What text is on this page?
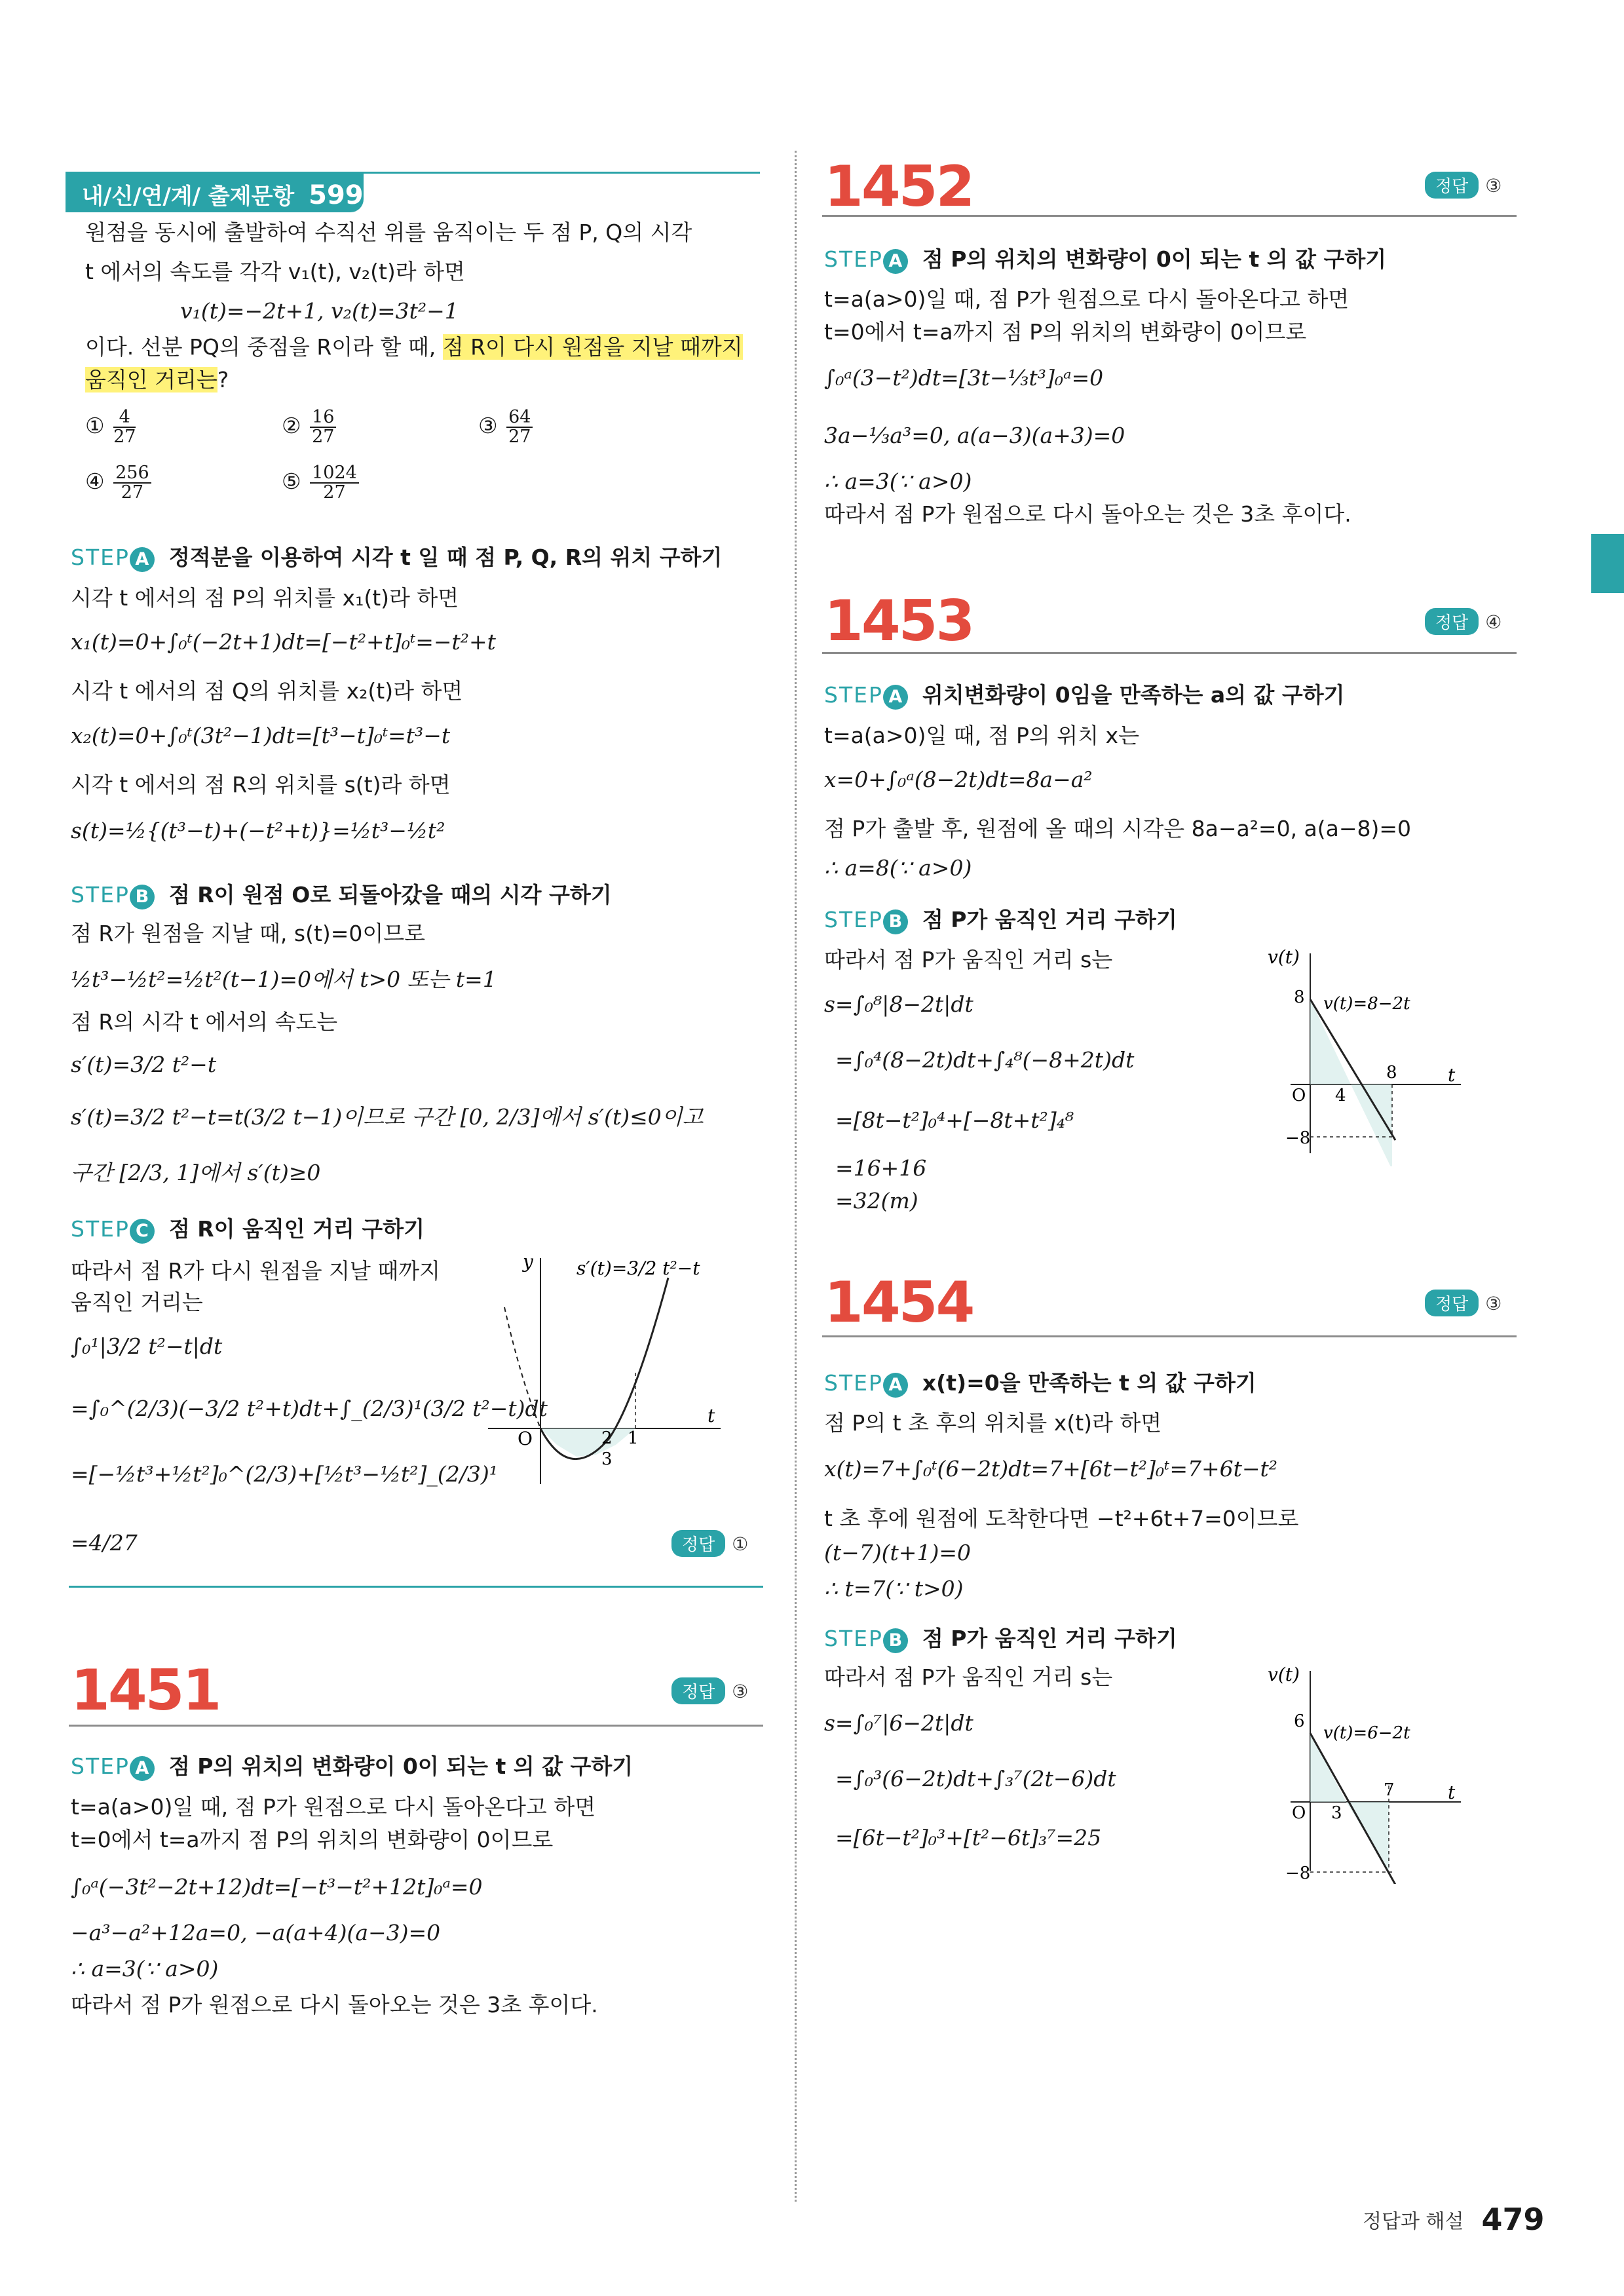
내/신/연/계/ 출제문항 599
원점을 동시에 출발하여 수직선 위를 움직이는 두 점 P, Q의 시각
t 에서의 속도를 각각 v₁(t), v₂(t)라 하면
v₁(t)=−2t+1, v₂(t)=3t²−1
이다. 선분 PQ의 중점을 R이라 할 때, 점 R이 다시 원점을 지날 때까지
움직인 거리는?
① $\frac{4}{27}$	② $\frac{16}{27}$	③ $\frac{64}{27}$
④ $\frac{256}{27}$	⑤ $\frac{1024}{27}$
STEP A 정적분을 이용하여 시각 t 일 때 점 P, Q, R의 위치 구하기
시각 t 에서의 점 P의 위치를 x₁(t)라 하면
x₁(t)=0+∫₀ᵗ(−2t+1)dt=[−t²+t]₀ᵗ=−t²+t
시각 t 에서의 점 Q의 위치를 x₂(t)라 하면
x₂(t)=0+∫₀ᵗ(3t²−1)dt=[t³−t]₀ᵗ=t³−t
시각 t 에서의 점 R의 위치를 s(t)라 하면
s(t)=½{(t³−t)+(−t²+t)}=½t³−½t²
STEP B 점 R이 원점 O로 되돌아갔을 때의 시각 구하기
점 R가 원점을 지날 때, s(t)=0이므로
½t³−½t²=½t²(t−1)=0에서 t>0 또는 t=1
점 R의 시각 t 에서의 속도는
s′(t)=3/2 t²−t
s′(t)=3/2 t²−t=t(3/2 t−1)이므로 구간 [0, 2/3]에서 s′(t)≤0이고
구간 [2/3, 1]에서 s′(t)≥0
STEP C 점 R이 움직인 거리 구하기
따라서 점 R가 다시 원점을 지날 때까지
움직인 거리는
∫₀¹|3/2 t²−t|dt
=∫₀^(2/3)(−3/2 t²+t)dt+∫_(2/3)¹(3/2 t²−t)dt
=[−½t³+½t²]₀^(2/3)+[½t³−½t²]_(2/3)¹
=4/27	정답 ①
y
t
O
s′(t)=3/2 t²−t
2
3
1
1451	정답 ③
STEP A 점 P의 위치의 변화량이 0이 되는 t 의 값 구하기
t=a(a>0)일 때, 점 P가 원점으로 다시 돌아온다고 하면
t=0에서 t=a까지 점 P의 위치의 변화량이 0이므로
∫₀ᵃ(−3t²−2t+12)dt=[−t³−t²+12t]₀ᵃ=0
−a³−a²+12a=0, −a(a+4)(a−3)=0
∴ a=3(∵ a>0)
따라서 점 P가 원점으로 다시 돌아오는 것은 3초 후이다.
1452	정답 ③
STEP A 점 P의 위치의 변화량이 0이 되는 t 의 값 구하기
t=a(a>0)일 때, 점 P가 원점으로 다시 돌아온다고 하면
t=0에서 t=a까지 점 P의 위치의 변화량이 0이므로
∫₀ᵃ(3−t²)dt=[3t−⅓t³]₀ᵃ=0
3a−⅓a³=0, a(a−3)(a+3)=0
∴ a=3(∵ a>0)
따라서 점 P가 원점으로 다시 돌아오는 것은 3초 후이다.
1453	정답 ④
STEP A 위치변화량이 0임을 만족하는 a의 값 구하기
t=a(a>0)일 때, 점 P의 위치 x는
x=0+∫₀ᵃ(8−2t)dt=8a−a²
점 P가 출발 후, 원점에 올 때의 시각은 8a−a²=0, a(a−8)=0
∴ a=8(∵ a>0)
STEP B 점 P가 움직인 거리 구하기
따라서 점 P가 움직인 거리 s는
s=∫₀⁸|8−2t|dt
=∫₀⁴(8−2t)dt+∫₄⁸(−8+2t)dt
=[8t−t²]₀⁴+[−8t+t²]₄⁸
=16+16
=32(m)
v(t)
t
O
8
4
8
−8
v(t)=8−2t
1454	정답 ③
STEP A x(t)=0을 만족하는 t 의 값 구하기
점 P의 t 초 후의 위치를 x(t)라 하면
x(t)=7+∫₀ᵗ(6−2t)dt=7+[6t−t²]₀ᵗ=7+6t−t²
t 초 후에 원점에 도착한다면 −t²+6t+7=0이므로
(t−7)(t+1)=0
∴ t=7(∵ t>0)
STEP B 점 P가 움직인 거리 구하기
따라서 점 P가 움직인 거리 s는
s=∫₀⁷|6−2t|dt
=∫₀³(6−2t)dt+∫₃⁷(2t−6)dt
=[6t−t²]₀³+[t²−6t]₃⁷=25
v(t)
t
O
6
3
7
−8
v(t)=6−2t
정답과 해설 479
